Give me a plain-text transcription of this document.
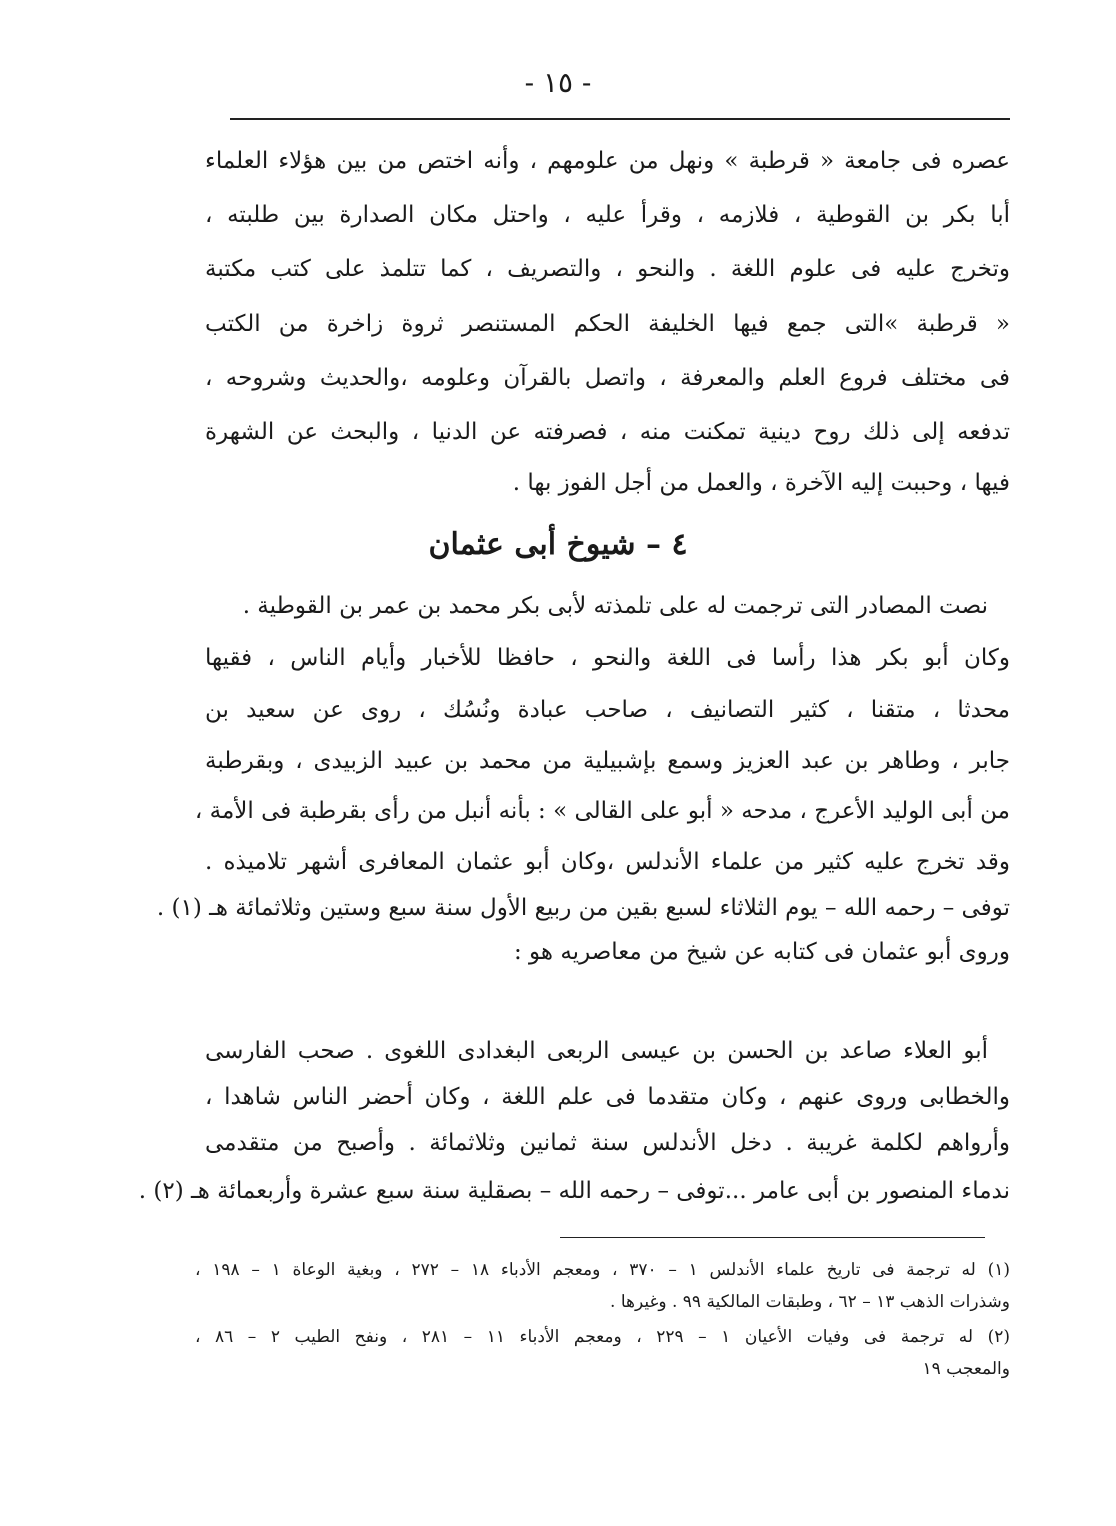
- ١٥ -
عصره فى جامعة « قرطبة » ونهل من علومهم ، وأنه اختص من بين هؤلاء العلماء
أبا بكر بن القوطية ، فلازمه ، وقرأ عليه ، واحتل مكان الصدارة بين طلبته ،
وتخرج عليه فى علوم اللغة . والنحو ، والتصريف ، كما تتلمذ على كتب مكتبة
« قرطبة »التى جمع فيها الخليفة الحكم المستنصر ثروة زاخرة من الكتب
فى مختلف فروع العلم والمعرفة ، واتصل بالقرآن وعلومه ،والحديث وشروحه ،
تدفعه إلى ذلك روح دينية تمكنت منه ، فصرفته عن الدنيا ، والبحث عن الشهرة
فيها ، وحببت إليه الآخرة ، والعمل من أجل الفوز بها .
٤ – شيوخ أبى عثمان
نصت المصادر التى ترجمت له على تلمذته لأبى بكر محمد بن عمر بن القوطية .
وكان أبو بكر هذا رأسا فى اللغة والنحو ، حافظا للأخبار وأيام الناس ، فقيها
محدثا ، متقنا ، كثير التصانيف ، صاحب عبادة ونُسُك ، روى عن سعيد بن
جابر ، وطاهر بن عبد العزيز وسمع بإشبيلية من محمد بن عبيد الزبيدى ، وبقرطبة
من أبى الوليد الأعرج ، مدحه « أبو على القالى » : بأنه أنبل من رأى بقرطبة فى الأمة ،
وقد تخرج عليه كثير من علماء الأندلس ،وكان أبو عثمان المعافرى أشهر تلاميذه .
توفى – رحمه الله – يوم الثلاثاء لسبع بقين من ربيع الأول سنة سبع وستين وثلاثمائة هـ (١) .
وروى أبو عثمان فى كتابه عن شيخ من معاصريه هو :
أبو العلاء صاعد بن الحسن بن عيسى الربعى البغدادى اللغوى . صحب الفارسى
والخطابى وروى عنهم ، وكان متقدما فى علم اللغة ، وكان أحضر الناس شاهدا ،
وأرواهم لكلمة غريبة . دخل الأندلس سنة ثمانين وثلاثمائة . وأصبح من متقدمى
ندماء المنصور بن أبى عامر ...توفى – رحمه الله – بصقلية سنة سبع عشرة وأربعمائة هـ (٢) .
(١) له ترجمة فى تاريخ علماء الأندلس ١ – ٣٧٠ ، ومعجم الأدباء ١٨ – ٢٧٢ ، وبغية الوعاة ١ – ١٩٨ ،
وشذرات الذهب ١٣ – ٦٢ ، وطبقات المالكية ٩٩ . وغيرها .
(٢) له ترجمة فى وفيات الأعيان ١ – ٢٢٩ ، ومعجم الأدباء ١١ – ٢٨١ ، ونفح الطيب ٢ – ٨٦ ،
والمعجب ١٩
